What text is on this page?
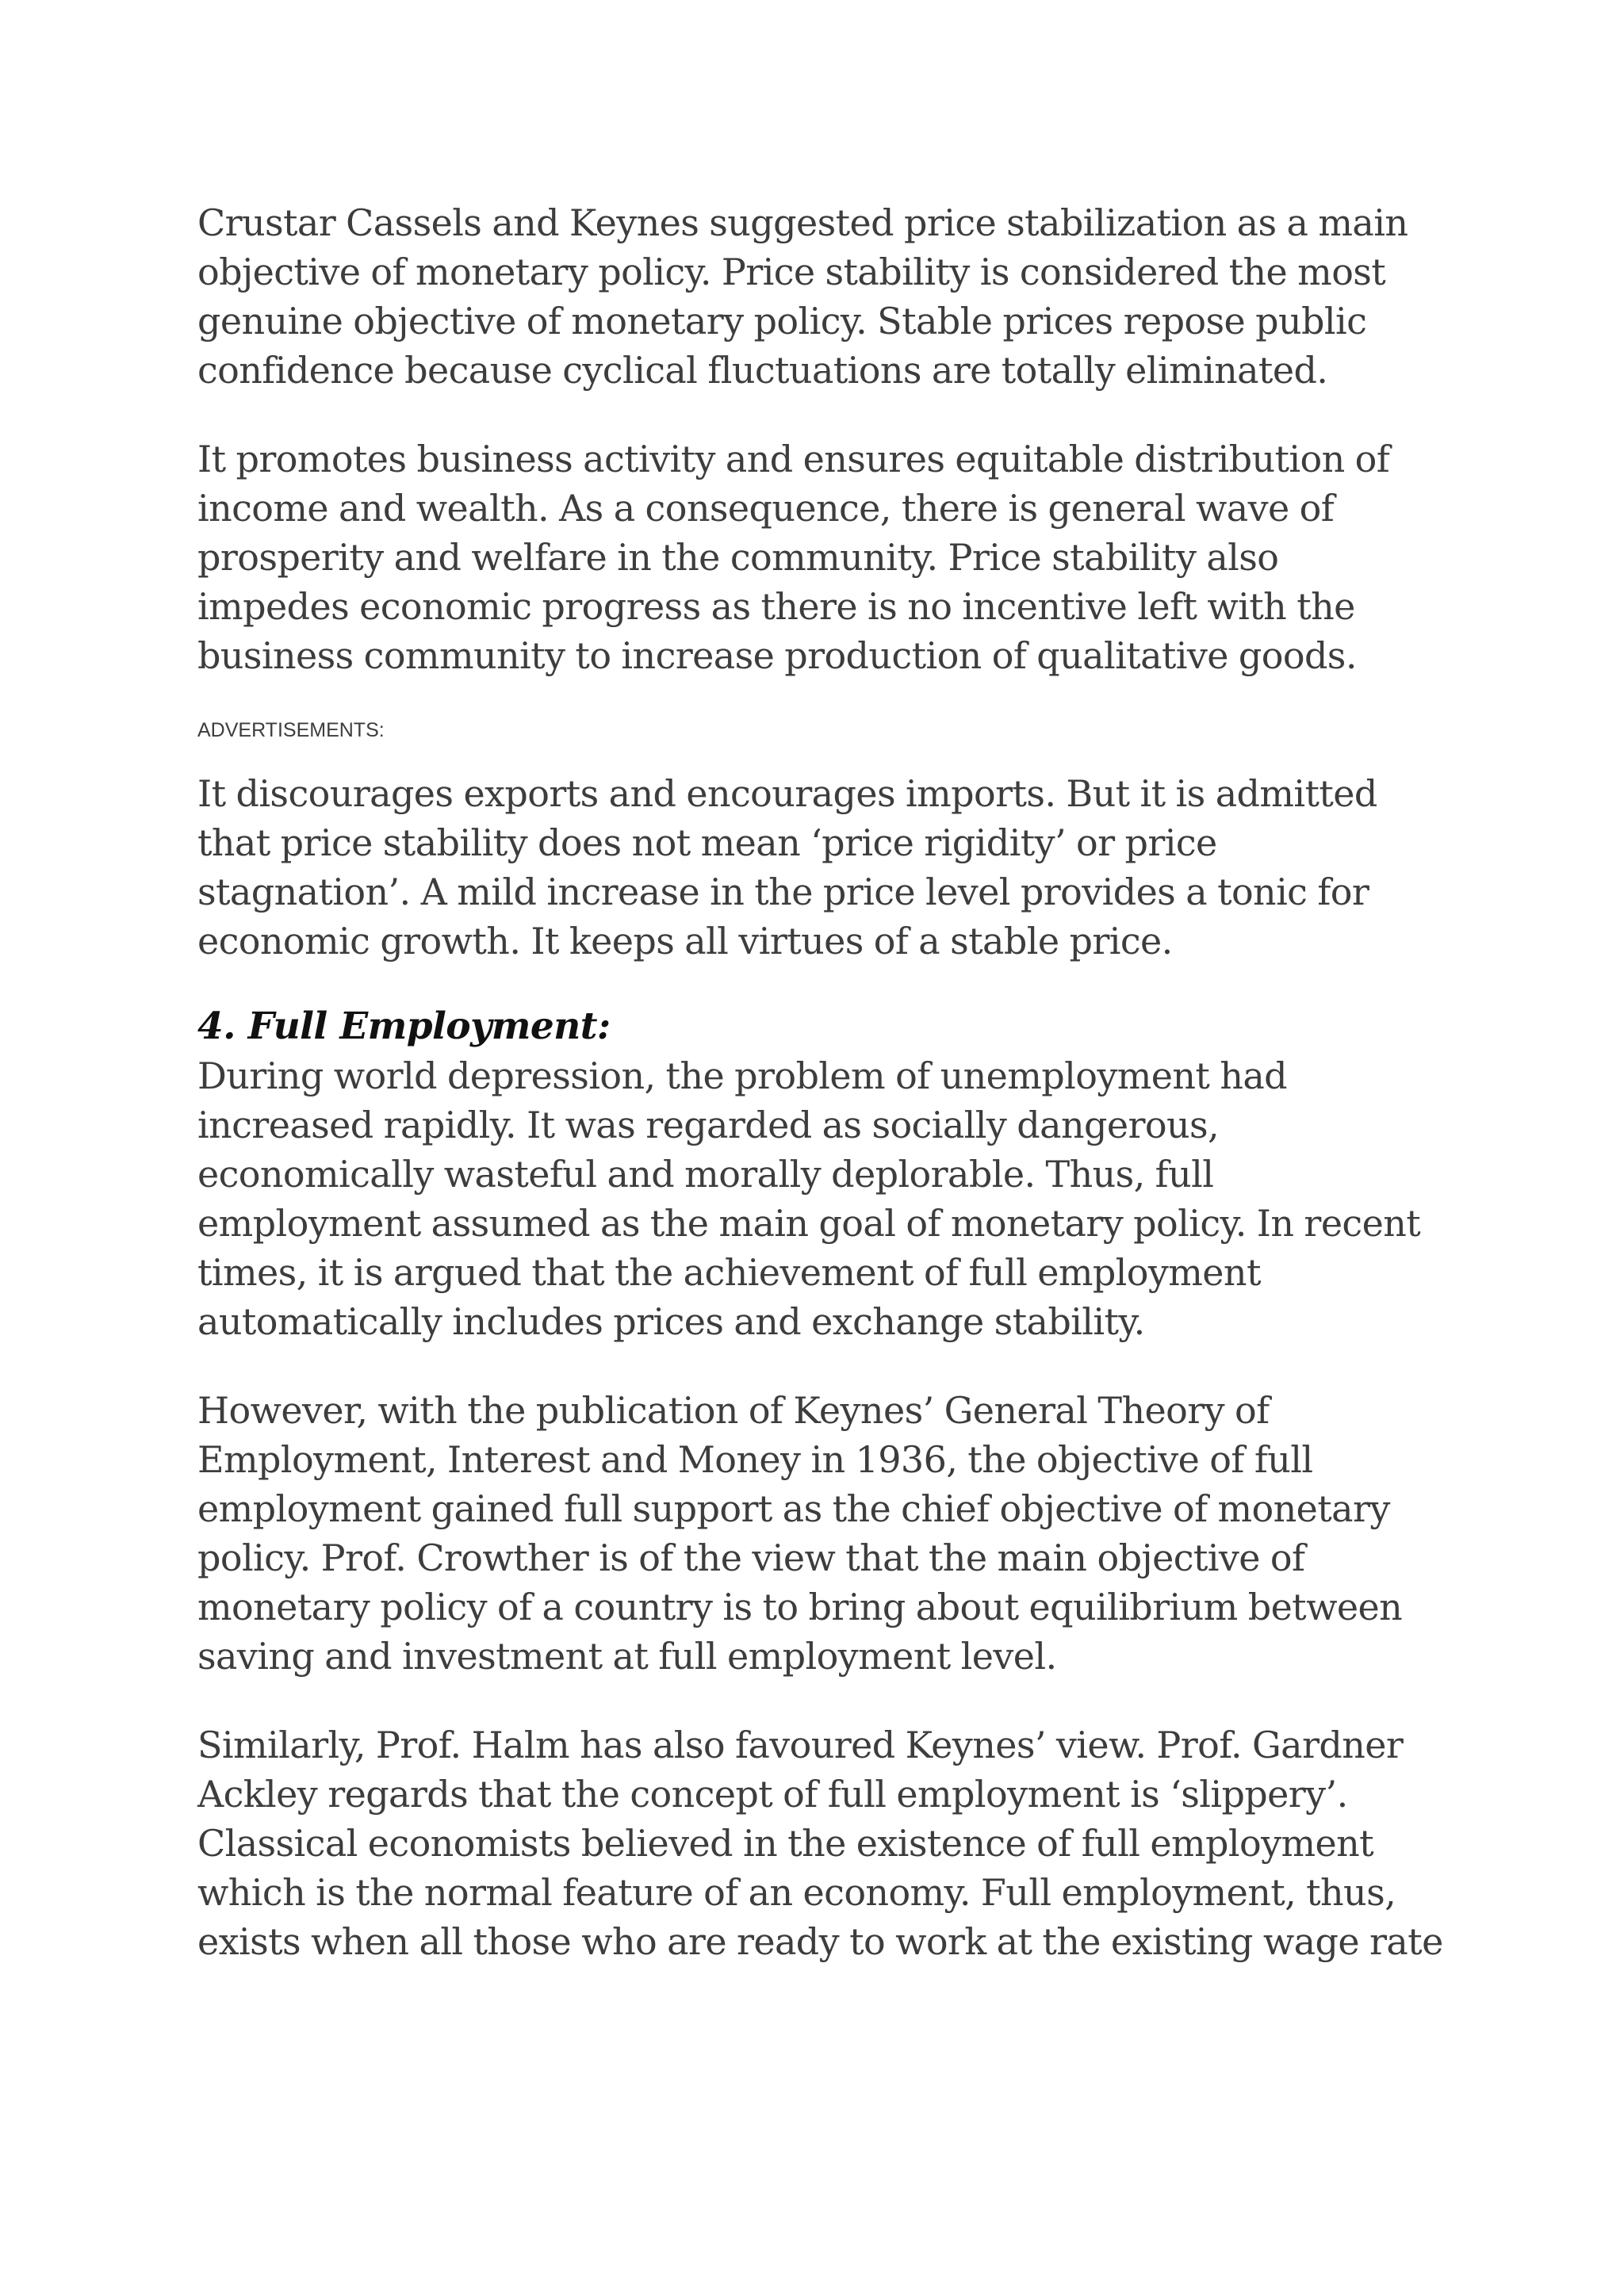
Crustar Cassels and Keynes suggested price stabilization as a main
objective of monetary policy. Price stability is considered the most
genuine objective of monetary policy. Stable prices repose public
confidence because cyclical fluctuations are totally eliminated.

It promotes business activity and ensures equitable distribution of
income and wealth. As a consequence, there is general wave of
prosperity and welfare in the community. Price stability also
impedes economic progress as there is no incentive left with the
business community to increase production of qualitative goods.

ADVERTISEMENTS:

It discourages exports and encourages imports. But it is admitted
that price stability does not mean ‘price rigidity’ or price
stagnation’. A mild increase in the price level provides a tonic for
economic growth. It keeps all virtues of a stable price.

4. Full Employment:

During world depression, the problem of unemployment had
increased rapidly. It was regarded as socially dangerous,
economically wasteful and morally deplorable. Thus, full
employment assumed as the main goal of monetary policy. In recent
times, it is argued that the achievement of full employment
automatically includes prices and exchange stability.

However, with the publication of Keynes’ General Theory of
Employment, Interest and Money in 1936, the objective of full
employment gained full support as the chief objective of monetary
policy. Prof. Crowther is of the view that the main objective of
monetary policy of a country is to bring about equilibrium between
saving and investment at full employment level.

Similarly, Prof. Halm has also favoured Keynes’ view. Prof. Gardner
Ackley regards that the concept of full employment is ‘slippery’.
Classical economists believed in the existence of full employment
which is the normal feature of an economy. Full employment, thus,
exists when all those who are ready to work at the existing wage rate
